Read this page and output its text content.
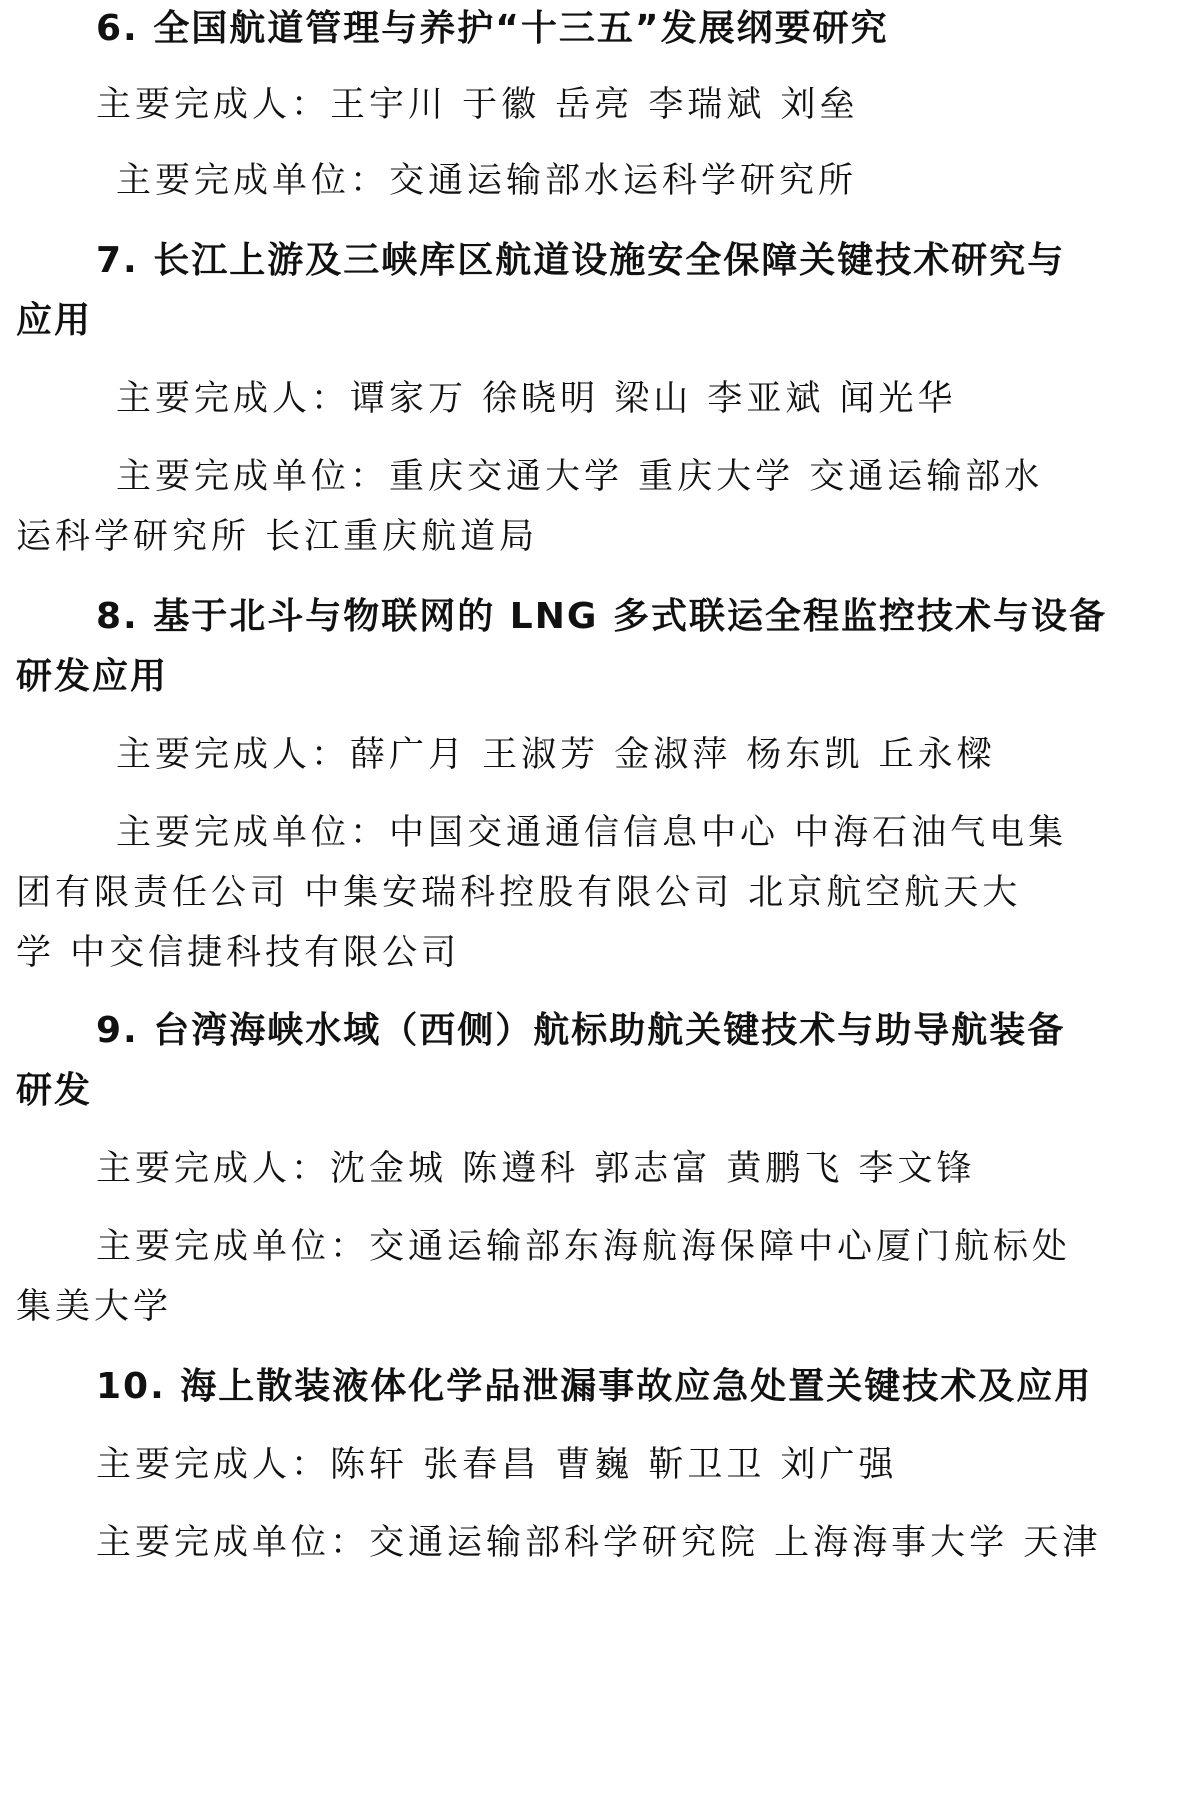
6. 全国航道管理与养护“十三五”发展纲要研究
主要完成人：王宇川 于徽 岳亮 李瑞斌 刘垒
主要完成单位：交通运输部水运科学研究所
7. 长江上游及三峡库区航道设施安全保障关键技术研究与
应用
主要完成人：谭家万 徐晓明 梁山 李亚斌 闻光华
主要完成单位：重庆交通大学 重庆大学 交通运输部水
运科学研究所 长江重庆航道局
8. 基于北斗与物联网的 LNG 多式联运全程监控技术与设备
研发应用
主要完成人：薛广月 王淑芳 金淑萍 杨东凯 丘永樑
主要完成单位：中国交通通信信息中心 中海石油气电集
团有限责任公司 中集安瑞科控股有限公司 北京航空航天大
学 中交信捷科技有限公司
9. 台湾海峡水域（西侧）航标助航关键技术与助导航装备
研发
主要完成人：沈金城 陈遵科 郭志富 黄鹏飞 李文锋
主要完成单位：交通运输部东海航海保障中心厦门航标处
集美大学
10. 海上散装液体化学品泄漏事故应急处置关键技术及应用
主要完成人：陈轩 张春昌 曹巍 靳卫卫 刘广强
主要完成单位：交通运输部科学研究院 上海海事大学 天津
